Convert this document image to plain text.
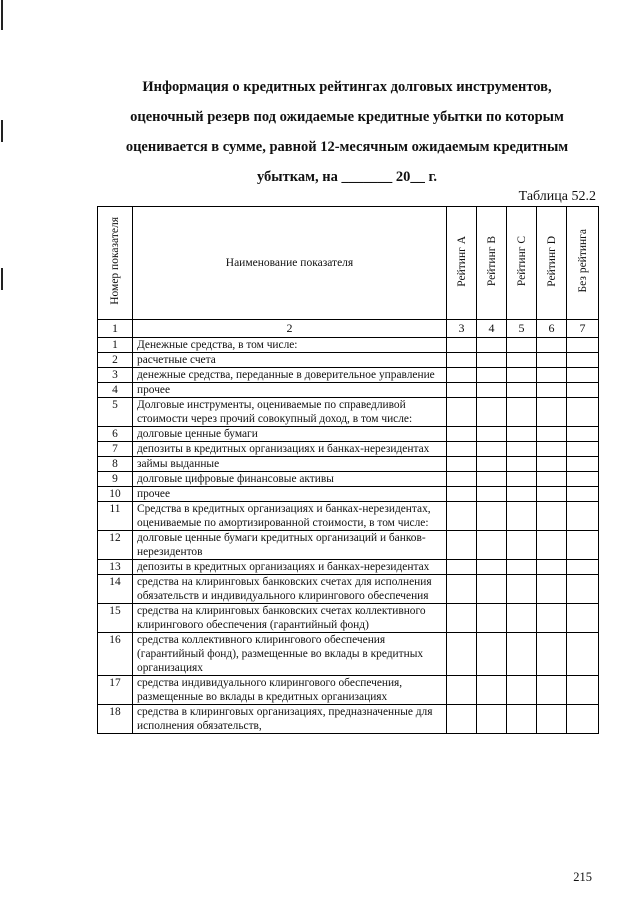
Информация о кредитных рейтингах долговых инструментов,
оценочный резерв под ожидаемые кредитные убытки по которым
оценивается в сумме, равной 12-месячным ожидаемым кредитным
убыткам, на _______ 20__ г.
Таблица 52.2
Номер показателя	Наименование показателя	Рейтинг А	Рейтинг В	Рейтинг С	Рейтинг D	Без рейтинга
1	2	3	4	5	6	7
1	Денежные средства, в том числе:					
2	расчетные счета					
3	денежные средства, переданные в доверительное управление					
4	прочее					
5	Долговые инструменты, оцениваемые по справедливой стоимости через прочий совокупный доход, в том числе:					
6	долговые ценные бумаги					
7	депозиты в кредитных организациях и банках-нерезидентах					
8	займы выданные					
9	долговые цифровые финансовые активы					
10	прочее					
11	Средства в кредитных организациях и банках-нерезидентах, оцениваемые по амортизированной стоимости, в том числе:					
12	долговые ценные бумаги кредитных организаций и банков-нерезидентов					
13	депозиты в кредитных организациях и банках-нерезидентах					
14	средства на клиринговых банковских счетах для исполнения обязательств и индивидуального клирингового обеспечения					
15	средства на клиринговых банковских счетах коллективного клирингового обеспечения (гарантийный фонд)					
16	средства коллективного клирингового обеспечения (гарантийный фонд), размещенные во вклады в кредитных организациях					
17	средства индивидуального клирингового обеспечения, размещенные во вклады в кредитных организациях					
18	средства в клиринговых организациях, предназначенные для исполнения обязательств,					
215
